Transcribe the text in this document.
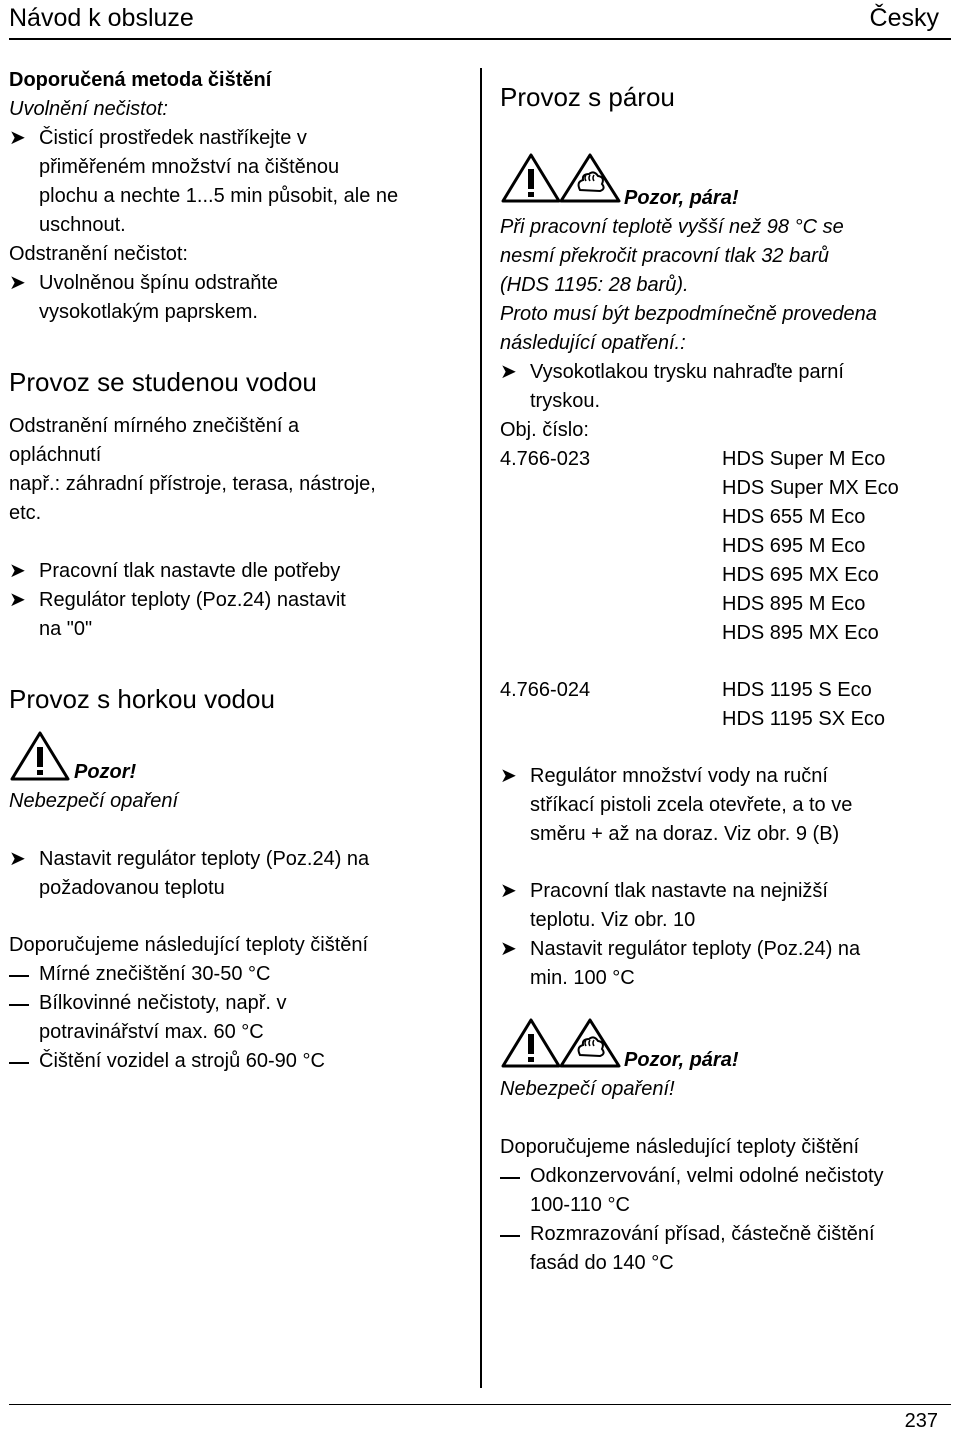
Návod k obsluze	Česky
Doporučená metoda čištění
Uvolnění nečistot:
➤ Čisticí prostředek nastříkejte v
přiměřeném množství na čištěnou
plochu a nechte 1...5 min působit, ale ne
uschnout.
Odstranění nečistot:
➤ Uvolněnou špínu odstraňte
vysokotlakým paprskem.
Provoz se studenou vodou
Odstranění mírného znečištění a
opláchnutí
např.: záhradní přístroje, terasa, nástroje,
etc.
➤ Pracovní tlak nastavte dle potřeby
➤ Regulátor teploty (Poz.24) nastavit
na "0"
Provoz s horkou vodou
Pozor!
Nebezpečí opaření
➤ Nastavit regulátor teploty (Poz.24) na
požadovanou teplotu
Doporučujeme následující teploty čištění
Mírné znečištění 30-50 °C
Bílkovinné nečistoty, např. v
potravinářství max. 60 °C
Čištění vozidel a strojů 60-90 °C
Provoz s párou
Pozor, pára!
Při pracovní teplotě vyšší než 98 °C se
nesmí překročit pracovní tlak 32 barů
(HDS 1195: 28 barů).
Proto musí být bezpodmínečně provedena
následující opatření.:
➤ Vysokotlakou trysku nahraďte parní
tryskou.
Obj. číslo:
4.766-023	HDS Super M Eco
HDS Super MX Eco
HDS 655 M Eco
HDS 695 M Eco
HDS 695 MX Eco
HDS 895 M Eco
HDS 895 MX Eco
4.766-024	HDS 1195 S Eco
HDS 1195 SX Eco
➤ Regulátor množství vody na ruční
stříkací pistoli zcela otevřete, a to ve
směru + až na doraz. Viz obr. 9 (B)
➤ Pracovní tlak nastavte na nejnižší
teplotu. Viz obr. 10
➤ Nastavit regulátor teploty (Poz.24) na
min. 100 °C
Pozor, pára!
Nebezpečí opaření!
Doporučujeme následující teploty čištění
Odkonzervování, velmi odolné nečistoty
100-110 °C
Rozmrazování přísad, částečně čištění
fasád do 140 °C
237
